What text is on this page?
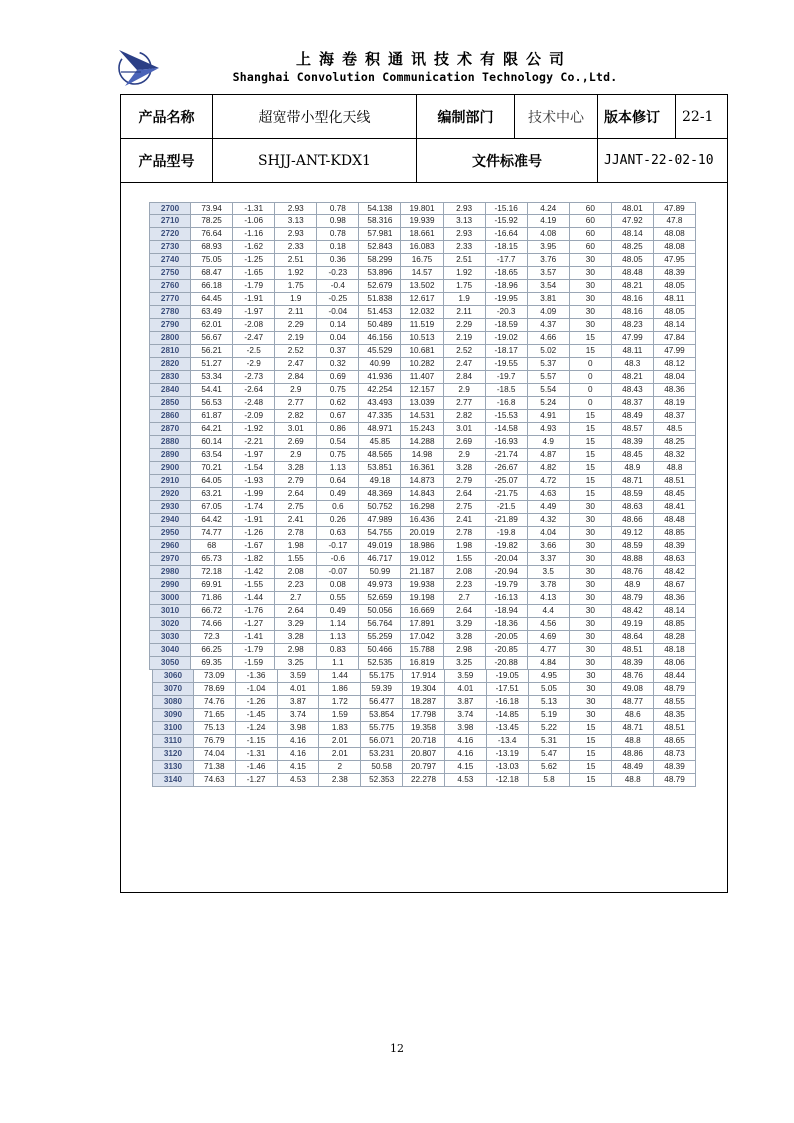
上海卷积通讯技术有限公司
Shanghai Convolution Communication Technology Co.,Ltd.
产品名称	超宽带小型化天线	编制部门	技术中心	版本修订	22-1
产品型号	SHJJ-ANT-KDX1	文件标准号		JJANT-22-02-10	
2700	73.94	-1.31	2.93	0.78	54.138	19.801	2.93	-15.16	4.24	60	48.01	47.89
2710	78.25	-1.06	3.13	0.98	58.316	19.939	3.13	-15.92	4.19	60	47.92	47.8
2720	76.64	-1.16	2.93	0.78	57.981	18.661	2.93	-16.64	4.08	60	48.14	48.08
2730	68.93	-1.62	2.33	0.18	52.843	16.083	2.33	-18.15	3.95	60	48.25	48.08
2740	75.05	-1.25	2.51	0.36	58.299	16.75	2.51	-17.7	3.76	30	48.05	47.95
2750	68.47	-1.65	1.92	-0.23	53.896	14.57	1.92	-18.65	3.57	30	48.48	48.39
2760	66.18	-1.79	1.75	-0.4	52.679	13.502	1.75	-18.96	3.54	30	48.21	48.05
2770	64.45	-1.91	1.9	-0.25	51.838	12.617	1.9	-19.95	3.81	30	48.16	48.11
2780	63.49	-1.97	2.11	-0.04	51.453	12.032	2.11	-20.3	4.09	30	48.16	48.05
2790	62.01	-2.08	2.29	0.14	50.489	11.519	2.29	-18.59	4.37	30	48.23	48.14
2800	56.67	-2.47	2.19	0.04	46.156	10.513	2.19	-19.02	4.66	15	47.99	47.84
2810	56.21	-2.5	2.52	0.37	45.529	10.681	2.52	-18.17	5.02	15	48.11	47.99
2820	51.27	-2.9	2.47	0.32	40.99	10.282	2.47	-19.55	5.37	0	48.3	48.12
2830	53.34	-2.73	2.84	0.69	41.936	11.407	2.84	-19.7	5.57	0	48.21	48.04
2840	54.41	-2.64	2.9	0.75	42.254	12.157	2.9	-18.5	5.54	0	48.43	48.36
2850	56.53	-2.48	2.77	0.62	43.493	13.039	2.77	-16.8	5.24	0	48.37	48.19
2860	61.87	-2.09	2.82	0.67	47.335	14.531	2.82	-15.53	4.91	15	48.49	48.37
2870	64.21	-1.92	3.01	0.86	48.971	15.243	3.01	-14.58	4.93	15	48.57	48.5
2880	60.14	-2.21	2.69	0.54	45.85	14.288	2.69	-16.93	4.9	15	48.39	48.25
2890	63.54	-1.97	2.9	0.75	48.565	14.98	2.9	-21.74	4.87	15	48.45	48.32
2900	70.21	-1.54	3.28	1.13	53.851	16.361	3.28	-26.67	4.82	15	48.9	48.8
2910	64.05	-1.93	2.79	0.64	49.18	14.873	2.79	-25.07	4.72	15	48.71	48.51
2920	63.21	-1.99	2.64	0.49	48.369	14.843	2.64	-21.75	4.63	15	48.59	48.45
2930	67.05	-1.74	2.75	0.6	50.752	16.298	2.75	-21.5	4.49	30	48.63	48.41
2940	64.42	-1.91	2.41	0.26	47.989	16.436	2.41	-21.89	4.32	30	48.66	48.48
2950	74.77	-1.26	2.78	0.63	54.755	20.019	2.78	-19.8	4.04	30	49.12	48.85
2960	68	-1.67	1.98	-0.17	49.019	18.986	1.98	-19.82	3.66	30	48.59	48.39
2970	65.73	-1.82	1.55	-0.6	46.717	19.012	1.55	-20.04	3.37	30	48.88	48.63
2980	72.18	-1.42	2.08	-0.07	50.99	21.187	2.08	-20.94	3.5	30	48.76	48.42
2990	69.91	-1.55	2.23	0.08	49.973	19.938	2.23	-19.79	3.78	30	48.9	48.67
3000	71.86	-1.44	2.7	0.55	52.659	19.198	2.7	-16.13	4.13	30	48.79	48.36
3010	66.72	-1.76	2.64	0.49	50.056	16.669	2.64	-18.94	4.4	30	48.42	48.14
3020	74.66	-1.27	3.29	1.14	56.764	17.891	3.29	-18.36	4.56	30	49.19	48.85
3030	72.3	-1.41	3.28	1.13	55.259	17.042	3.28	-20.05	4.69	30	48.64	48.28
3040	66.25	-1.79	2.98	0.83	50.466	15.788	2.98	-20.85	4.77	30	48.51	48.18
3050	69.35	-1.59	3.25	1.1	52.535	16.819	3.25	-20.88	4.84	30	48.39	48.06
3060	73.09	-1.36	3.59	1.44	55.175	17.914	3.59	-19.05	4.95	30	48.76	48.44
3070	78.69	-1.04	4.01	1.86	59.39	19.304	4.01	-17.51	5.05	30	49.08	48.79
3080	74.76	-1.26	3.87	1.72	56.477	18.287	3.87	-16.18	5.13	30	48.77	48.55
3090	71.65	-1.45	3.74	1.59	53.854	17.798	3.74	-14.85	5.19	30	48.6	48.35
3100	75.13	-1.24	3.98	1.83	55.775	19.358	3.98	-13.45	5.22	15	48.71	48.51
3110	76.79	-1.15	4.16	2.01	56.071	20.718	4.16	-13.4	5.31	15	48.8	48.65
3120	74.04	-1.31	4.16	2.01	53.231	20.807	4.16	-13.19	5.47	15	48.86	48.73
3130	71.38	-1.46	4.15	2	50.58	20.797	4.15	-13.03	5.62	15	48.49	48.39
3140	74.63	-1.27	4.53	2.38	52.353	22.278	4.53	-12.18	5.8	15	48.8	48.79
12
